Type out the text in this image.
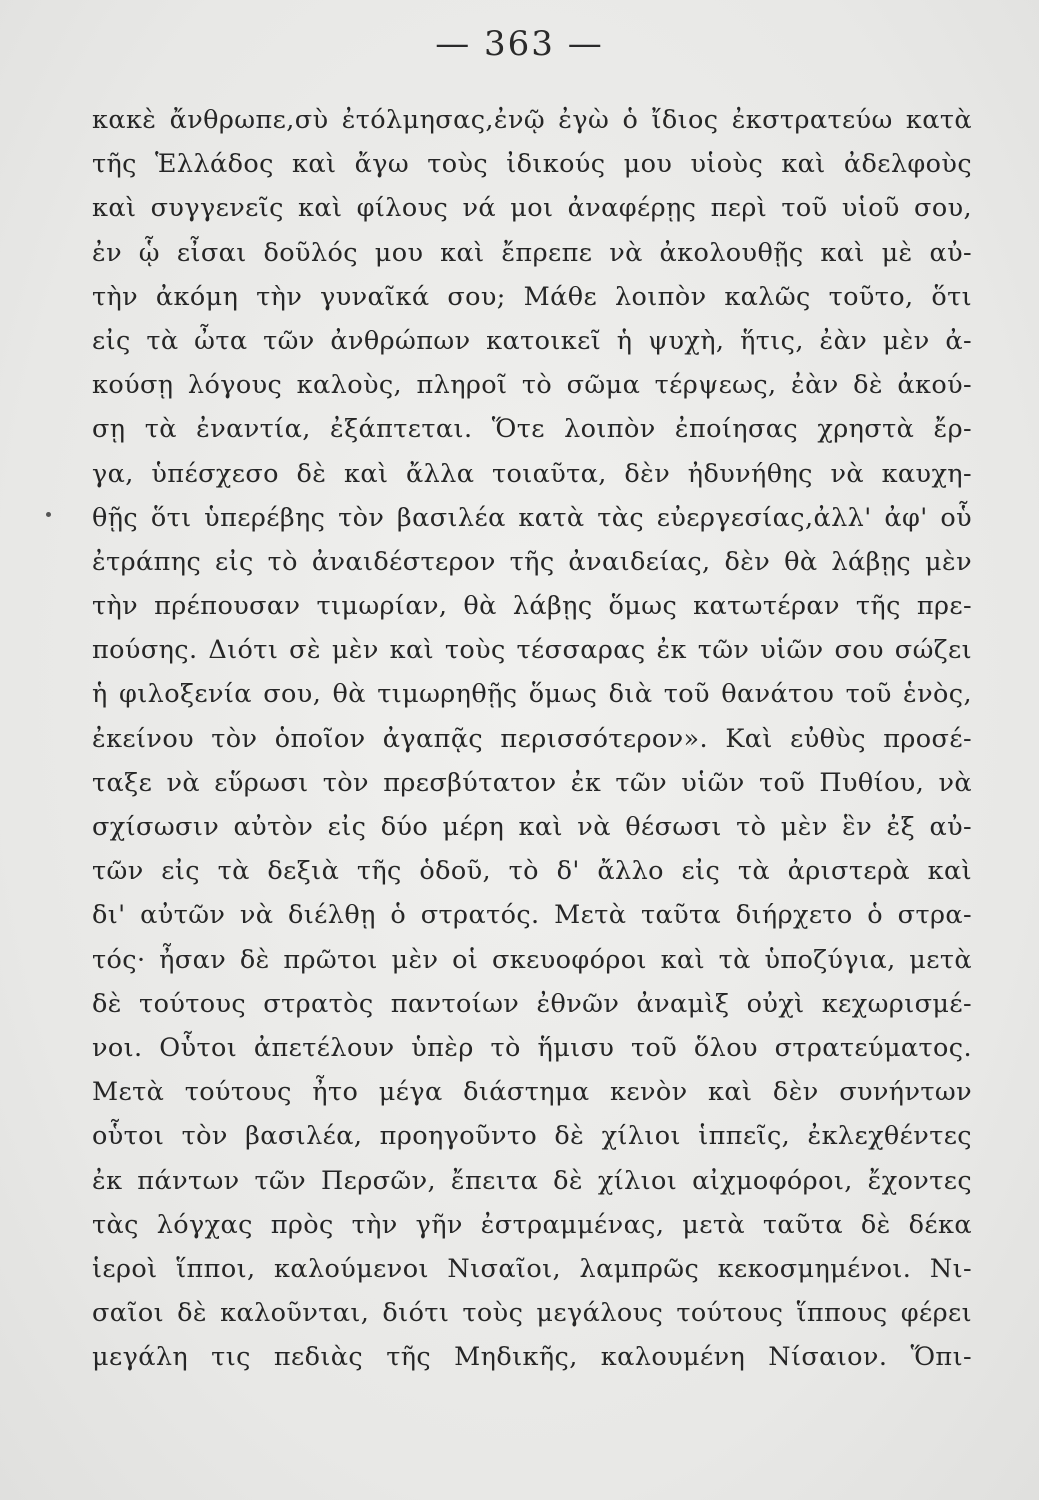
— 363 —
κακὲ ἄνθρωπε,σὺ ἐτόλμησας,ἐνῷ ἐγὼ ὁ ἴδιος ἐκστρατεύω κατὰ
τῆς Ἑλλάδος καὶ ἄγω τοὺς ἰδικούς μου υἱοὺς καὶ ἀδελφοὺς
καὶ συγγενεῖς καὶ φίλους νά μοι ἀναφέρῃς περὶ τοῦ υἱοῦ σου,
ἐν ᾧ εἶσαι δοῦλός μου καὶ ἔπρεπε νὰ ἀκολουθῇς καὶ μὲ αὐ-
τὴν ἀκόμη τὴν γυναῖκά σου; Μάθε λοιπὸν καλῶς τοῦτο, ὅτι
εἰς τὰ ὦτα τῶν ἀνθρώπων κατοικεῖ ἡ ψυχὴ, ἥτις, ἐὰν μὲν ἀ-
κούσῃ λόγους καλοὺς, πληροῖ τὸ σῶμα τέρψεως, ἐὰν δὲ ἀκού-
σῃ τὰ ἐναντία, ἐξάπτεται. Ὅτε λοιπὸν ἐποίησας χρηστὰ ἔρ-
γα, ὑπέσχεσο δὲ καὶ ἄλλα τοιαῦτα, δὲν ἠδυνήθης νὰ καυχη-
θῇς ὅτι ὑπερέβης τὸν βασιλέα κατὰ τὰς εὐεργεσίας,ἀλλ' ἀφ' οὗ
ἐτράπης εἰς τὸ ἀναιδέστερον τῆς ἀναιδείας, δὲν θὰ λάβῃς μὲν
τὴν πρέπουσαν τιμωρίαν, θὰ λάβῃς ὅμως κατωτέραν τῆς πρε-
πούσης. Διότι σὲ μὲν καὶ τοὺς τέσσαρας ἐκ τῶν υἱῶν σου σώζει
ἡ φιλοξενία σου, θὰ τιμωρηθῇς ὅμως διὰ τοῦ θανάτου τοῦ ἑνὸς,
ἐκείνου τὸν ὁποῖον ἀγαπᾷς περισσότερον». Καὶ εὐθὺς προσέ-
ταξε νὰ εὕρωσι τὸν πρεσβύτατον ἐκ τῶν υἱῶν τοῦ Πυθίου, νὰ
σχίσωσιν αὐτὸν εἰς δύο μέρη καὶ νὰ θέσωσι τὸ μὲν ἓν ἐξ αὐ-
τῶν εἰς τὰ δεξιὰ τῆς ὁδοῦ, τὸ δ' ἄλλο εἰς τὰ ἀριστερὰ καὶ
δι' αὐτῶν νὰ διέλθῃ ὁ στρατός. Μετὰ ταῦτα διήρχετο ὁ στρα-
τός· ἦσαν δὲ πρῶτοι μὲν οἱ σκευοφόροι καὶ τὰ ὑποζύγια, μετὰ
δὲ τούτους στρατὸς παντοίων ἐθνῶν ἀναμὶξ οὐχὶ κεχωρισμέ-
νοι. Οὗτοι ἀπετέλουν ὑπὲρ τὸ ἥμισυ τοῦ ὅλου στρατεύματος.
Μετὰ τούτους ἦτο μέγα διάστημα κενὸν καὶ δὲν συνήντων
οὗτοι τὸν βασιλέα, προηγοῦντο δὲ χίλιοι ἱππεῖς, ἐκλεχθέντες
ἐκ πάντων τῶν Περσῶν, ἔπειτα δὲ χίλιοι αἰχμοφόροι, ἔχοντες
τὰς λόγχας πρὸς τὴν γῆν ἐστραμμένας, μετὰ ταῦτα δὲ δέκα
ἱεροὶ ἵπποι, καλούμενοι Νισαῖοι, λαμπρῶς κεκοσμημένοι. Νι-
σαῖοι δὲ καλοῦνται, διότι τοὺς μεγάλους τούτους ἵππους φέρει
μεγάλη τις πεδιὰς τῆς Μηδικῆς, καλουμένη Νίσαιον. Ὅπι-
